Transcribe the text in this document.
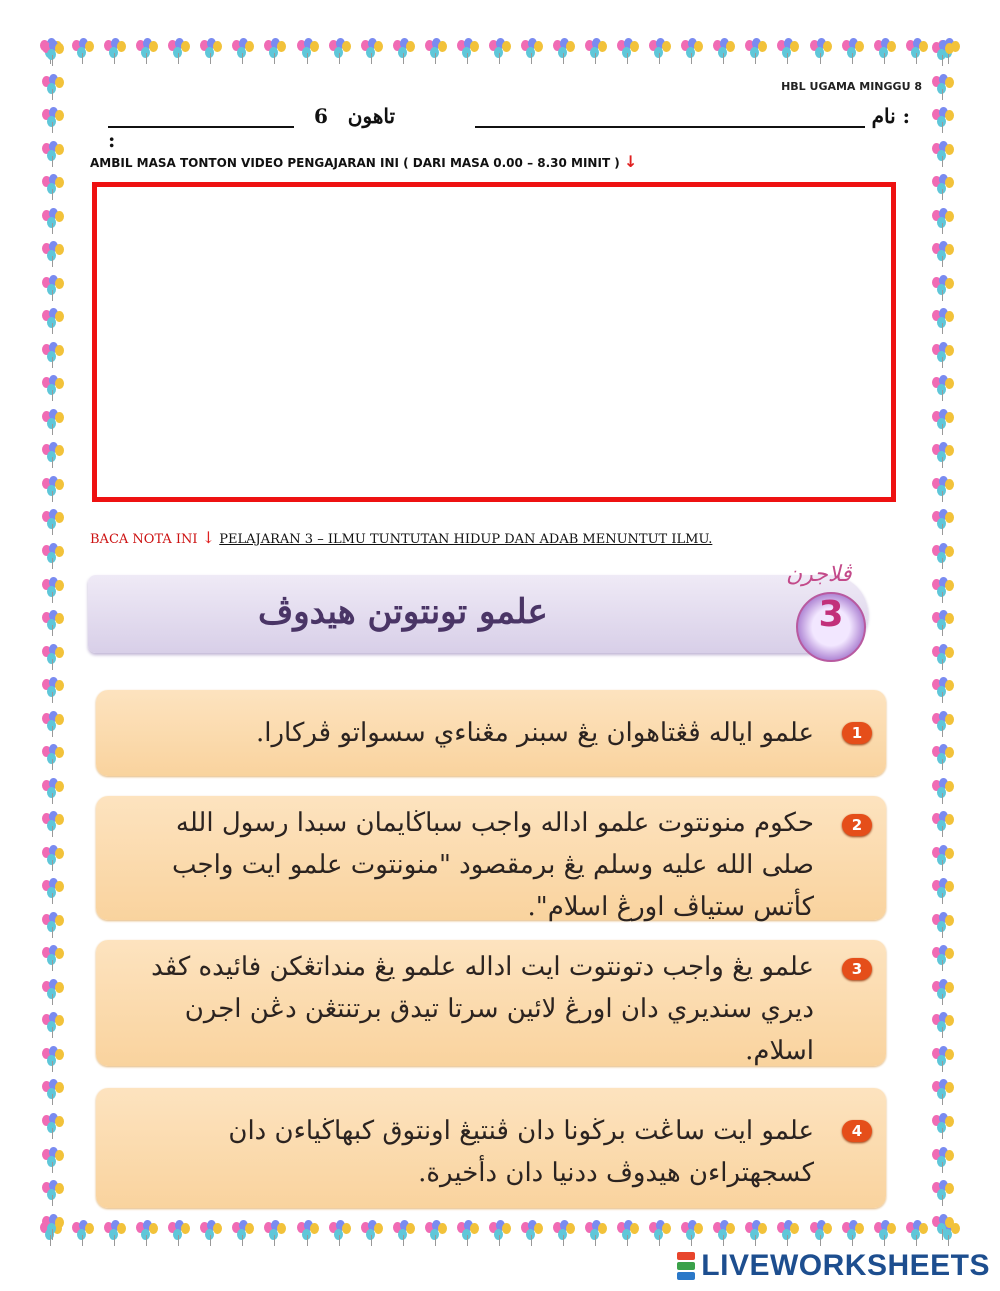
HBL UGAMA MINGGU 8
نام :
6 تاهون :
AMBIL MASA TONTON VIDEO PENGAJARAN INI ( DARI MASA 0.00 – 8.30 MINIT ) ↓
BACA NOTA INI ↓ PELAJARAN 3 – ILMU TUNTUTAN HIDUP DAN ADAB MENUNTUT ILMU.
علمو تونتوتن هيدوڤ
ڤلاجرن
3
1
علمو اياله ڤڠتاهوان يڠ سبنر مڠناءي سسواتو ڤركارا.
2
حكوم منونتوت علمو اداله واجب سباڬايمان سبدا رسول الله صلى الله عليه وسلم يڠ برمقصود "منونتوت علمو ايت واجب كأتس ستياڤ اورڠ اسلام".
3
علمو يڠ واجب دتونتوت ايت اداله علمو يڠ منداتڠكن فائيده كڤد ديري سنديري دان اورڠ لائين سرتا تيدق برتنتڠن دڠن اجرن اسلام.
4
علمو ايت ساڠت برڬونا دان ڤنتيڠ اونتوق كبهاڬياءن دان كسجهتراءن هيدوڤ ددنيا دان دأخيرة.
LIVEWORKSHEETS
